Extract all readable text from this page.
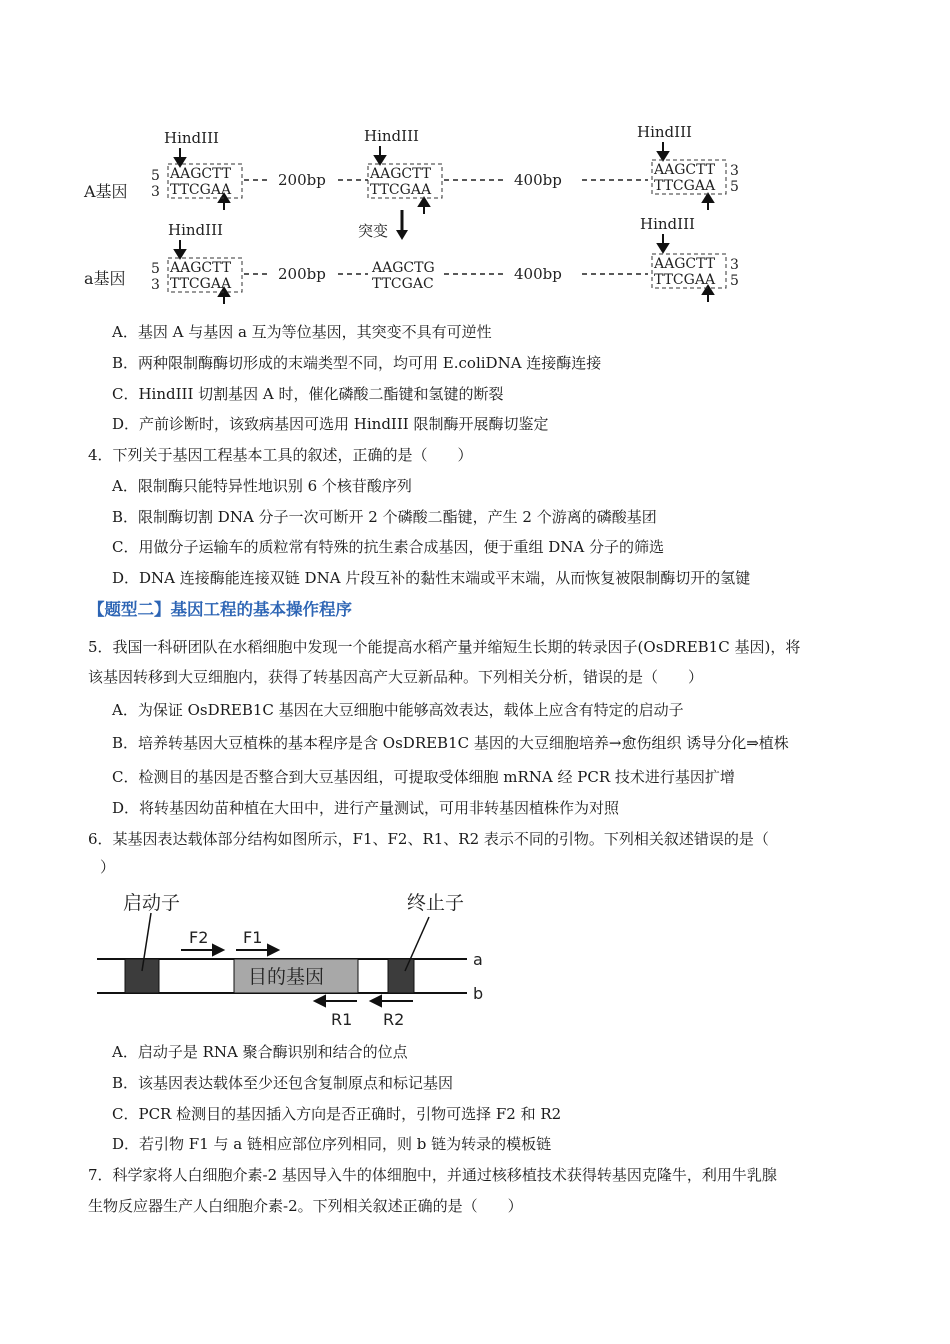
HindIII	HindIII	HindIII
HindIII	HindIII
A基因
a基因
5
3
5
3
3
5
3
5
AAGCTT
TTCGAA
AAGCTT
TTCGAA
AAGCTT
TTCGAA
AAGCTT
TTCGAA
AAGCTG
TTCGAC
AAGCTT
TTCGAA
200bp	400bp
200bp	400bp
突变
A．基因 A 与基因 a 互为等位基因，其突变不具有可逆性
B．两种限制酶酶切形成的末端类型不同，均可用 E.coliDNA 连接酶连接
C．HindIII 切割基因 A 时，催化磷酸二酯键和氢键的断裂
D．产前诊断时，该致病基因可选用 HindIII 限制酶开展酶切鉴定
4．下列关于基因工程基本工具的叙述，正确的是（　　）
A．限制酶只能特异性地识别 6 个核苷酸序列
B．限制酶切割 DNA 分子一次可断开 2 个磷酸二酯键，产生 2 个游离的磷酸基团
C．用做分子运输车的质粒常有特殊的抗生素合成基因，便于重组 DNA 分子的筛选
D．DNA 连接酶能连接双链 DNA 片段互补的黏性末端或平末端，从而恢复被限制酶切开的氢键
【题型二】基因工程的基本操作程序
5．我国一科研团队在水稻细胞中发现一个能提高水稻产量并缩短生长期的转录因子(OsDREB1C 基因)，将
该基因转移到大豆细胞内，获得了转基因高产大豆新品种。下列相关分析，错误的是（　　）
A．为保证 OsDREB1C 基因在大豆细胞中能够高效表达，载体上应含有特定的启动子
B．培养转基因大豆植株的基本程序是含 OsDREB1C 基因的大豆细胞培养→愈伤组织 诱导分化⇒植株
C．检测目的基因是否整合到大豆基因组，可提取受体细胞 mRNA 经 PCR 技术进行基因扩增
D．将转基因幼苗种植在大田中，进行产量测试，可用非转基因植株作为对照
6．某基因表达载体部分结构如图所示，F1、F2、R1、R2 表示不同的引物。下列相关叙述错误的是（
）
启动子	终止子
目的基因
F2 F1
R1 R2
a
b
A．启动子是 RNA 聚合酶识别和结合的位点
B．该基因表达载体至少还包含复制原点和标记基因
C．PCR 检测目的基因插入方向是否正确时，引物可选择 F2 和 R2
D．若引物 F1 与 a 链相应部位序列相同，则 b 链为转录的模板链
7．科学家将人白细胞介素-2 基因导入牛的体细胞中，并通过核移植技术获得转基因克隆牛，利用牛乳腺
生物反应器生产人白细胞介素-2。下列相关叙述正确的是（　　）
